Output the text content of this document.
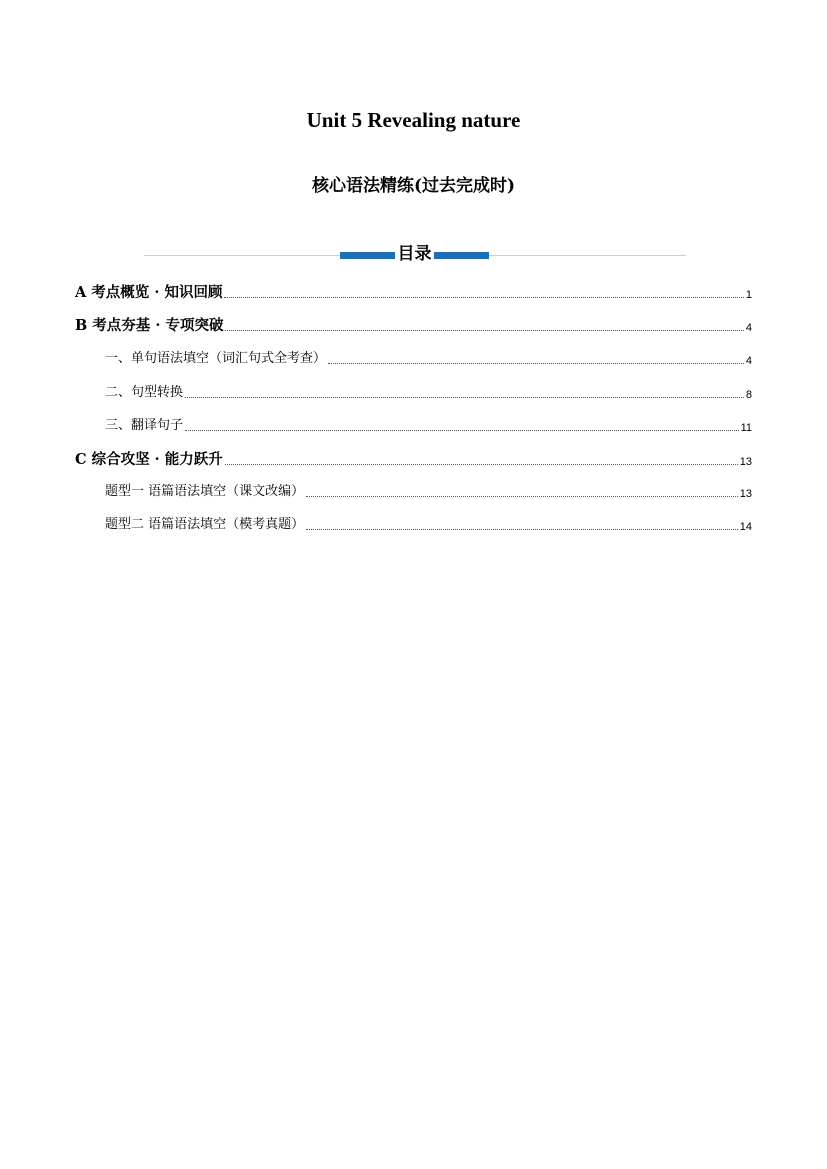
Unit 5 Revealing nature
核心语法精练(过去完成时)
目录
A 考点概览 · 知识回顾	1
B 考点夯基 · 专项突破	4
一、单句语法填空（词汇句式全考查）	4
二、句型转换	8
三、翻译句子	11
C 综合攻坚 · 能力跃升	13
题型一 语篇语法填空（课文改编）	13
题型二 语篇语法填空（模考真题）	14
